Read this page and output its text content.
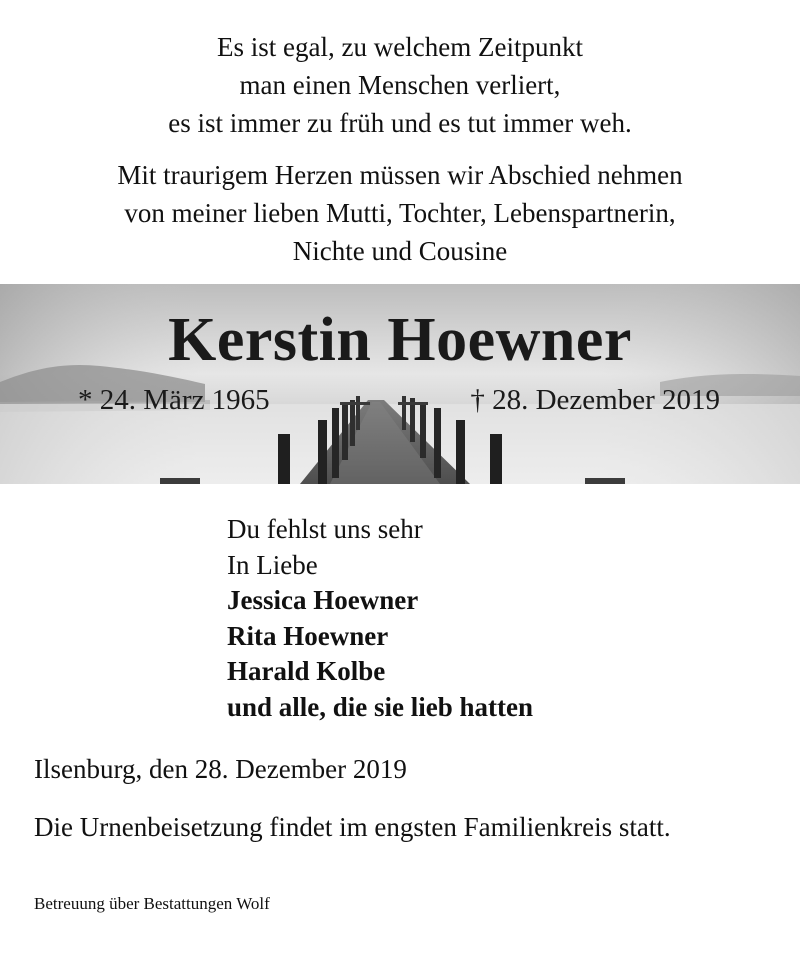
Es ist egal, zu welchem Zeitpunkt
man einen Menschen verliert,
es ist immer zu früh und es tut immer weh.
Mit traurigem Herzen müssen wir Abschied nehmen
von meiner lieben Mutti, Tochter, Lebenspartnerin,
Nichte und Cousine
Kerstin Hoewner
* 24. März 1965	† 28. Dezember 2019
Du fehlst uns sehr
In Liebe
Jessica Hoewner
Rita Hoewner
Harald Kolbe
und alle, die sie lieb hatten
Ilsenburg, den 28. Dezember 2019
Die Urnenbeisetzung findet im engsten Familienkreis statt.
Betreuung über Bestattungen Wolf
